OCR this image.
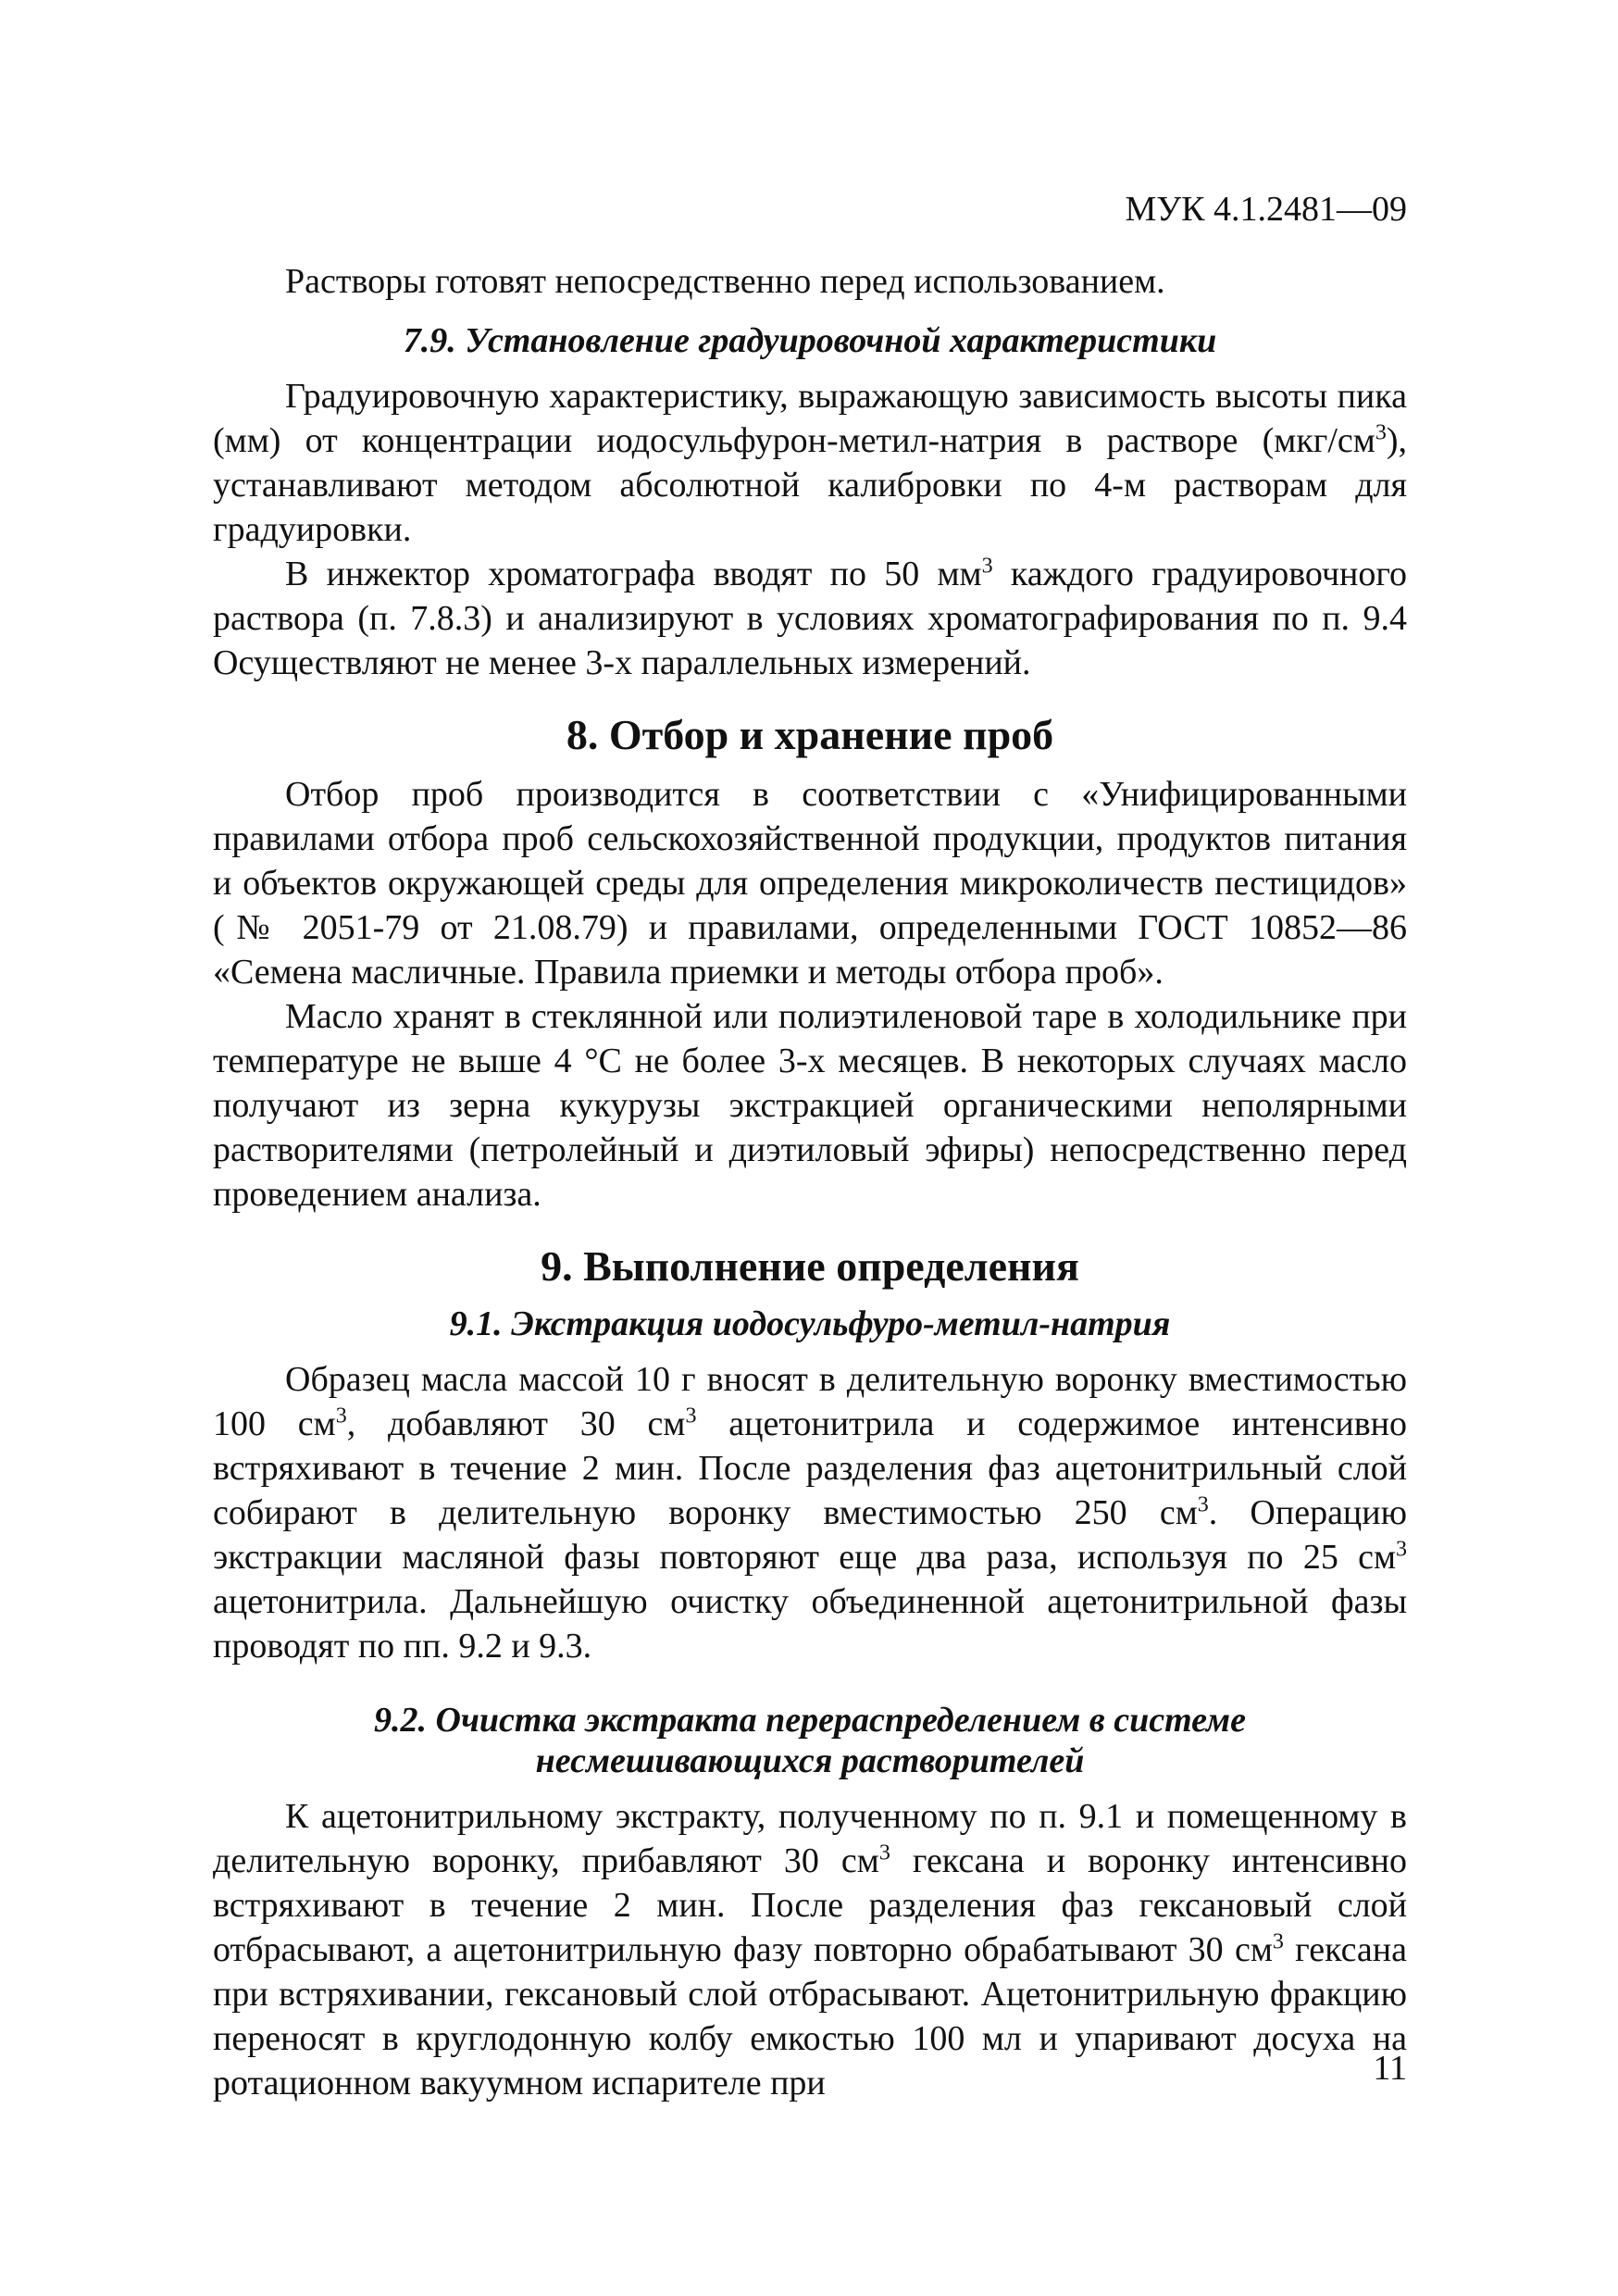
МУК 4.1.2481—09

Растворы готовят непосредственно перед использованием.

7.9. Установление градуировочной характеристики

Градуировочную характеристику, выражающую зависимость высоты пика (мм) от концентрации иодосульфурон-метил-натрия в растворе $(мкг/см^3)$, устанавливают методом абсолютной калибровки по 4-м растворам для градуировки.

В инжектор хроматографа вводят по 50 $мм^3$ каждого градуировочного раствора (п. 7.8.3) и анализируют в условиях хроматографирования по п. 9.4 Осуществляют не менее 3-х параллельных измерений.

8. Отбор и хранение проб

Отбор проб производится в соответствии с «Унифицированными правилами отбора проб сельскохозяйственной продукции, продуктов питания и объектов окружающей среды для определения микроколичеств пестицидов» (№ 2051-79 от 21.08.79) и правилами, определенными ГОСТ 10852—86 «Семена масличные. Правила приемки и методы отбора проб».

Масло хранят в стеклянной или полиэтиленовой таре в холодильнике при температуре не выше 4 °С не более 3-х месяцев. В некоторых случаях масло получают из зерна кукурузы экстракцией органическими неполярными растворителями (петролейный и диэтиловый эфиры) непосредственно перед проведением анализа.

9. Выполнение определения
9.1. Экстракция иодосульфуро-метил-натрия

Образец масла массой 10 г вносят в делительную воронку вместимостью 100 $см^3$, добавляют 30 $см^3$ ацетонитрила и содержимое интенсивно встряхивают в течение 2 мин. После разделения фаз ацетонитрильный слой собирают в делительную воронку вместимостью 250 $см^3$. Операцию экстракции масляной фазы повторяют еще два раза, используя по 25 $см^3$ ацетонитрила. Дальнейшую очистку объединенной ацетонитрильной фазы проводят по пп. 9.2 и 9.3.

9.2. Очистка экстракта перераспределением в системе
несмешивающихся растворителей

К ацетонитрильному экстракту, полученному по п. 9.1 и помещенному в делительную воронку, прибавляют 30 $см^3$ гексана и воронку интенсивно встряхивают в течение 2 мин. После разделения фаз гексановый слой отбрасывают, а ацетонитрильную фазу повторно обрабатывают 30 $см^3$ гексана при встряхивании, гексановый слой отбрасывают. Ацетонитрильную фракцию переносят в круглодонную колбу емкостью 100 мл и упаривают досуха на ротационном вакуумном испарителе при	11
